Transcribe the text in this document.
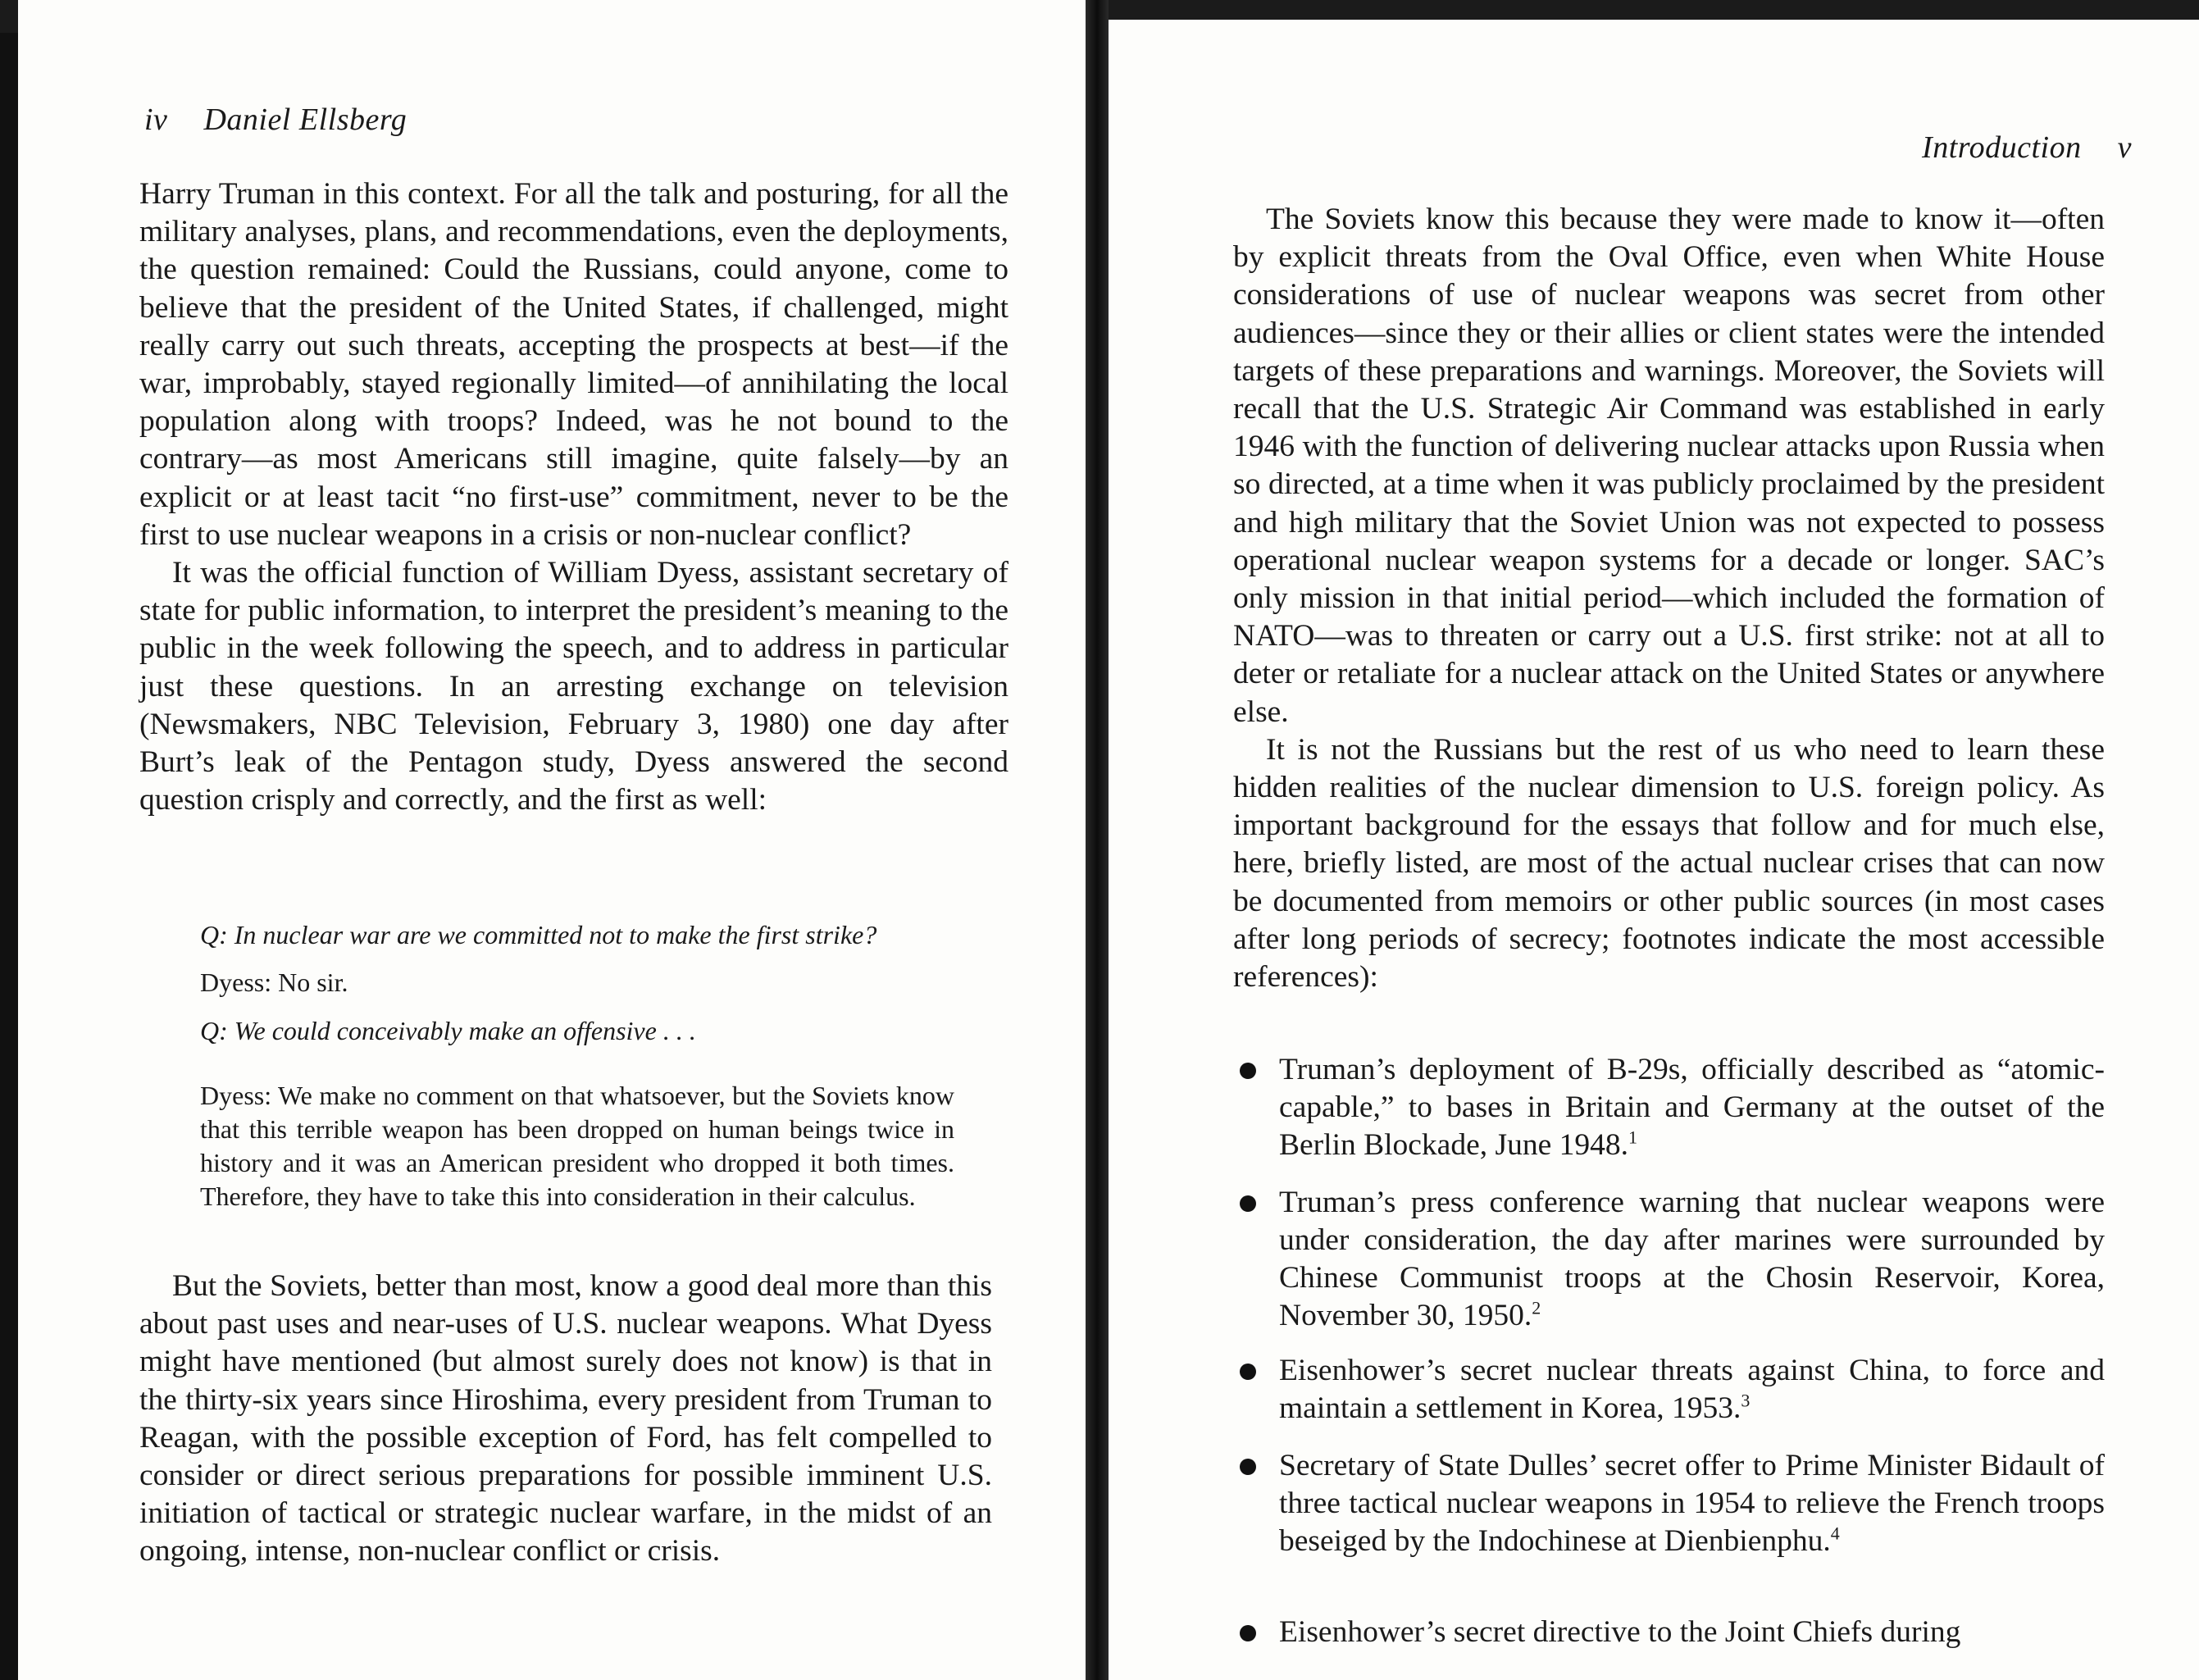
iv Daniel Ellsberg

Harry Truman in this context. For all the talk and posturing, for all the military analyses, plans, and recommendations, even the deployments, the question remained: Could the Russians, could anyone, come to believe that the president of the United States, if challenged, might really carry out such threats, accepting the prospects at best—if the war, improbably, stayed regionally limited—of annihilating the local population along with troops? Indeed, was he not bound to the contrary—as most Americans still imagine, quite falsely—by an explicit or at least tacit “no first-use” commitment, never to be the first to use nuclear weapons in a crisis or non-nuclear conflict?

It was the official function of William Dyess, assistant secretary of state for public information, to interpret the president’s meaning to the public in the week following the speech, and to address in particular just these questions. In an arresting exchange on television (Newsmakers, NBC Television, February 3, 1980) one day after Burt’s leak of the Pentagon study, Dyess answered the second question crisply and correctly, and the first as well:

Q: In nuclear war are we committed not to make the first strike?
Dyess: No sir.
Q: We could conceivably make an offensive . . .
Dyess: We make no comment on that whatsoever, but the Soviets know that this terrible weapon has been dropped on human beings twice in history and it was an American president who dropped it both times. Therefore, they have to take this into consideration in their calculus.

But the Soviets, better than most, know a good deal more than this about past uses and near-uses of U.S. nuclear weapons. What Dyess might have mentioned (but almost surely does not know) is that in the thirty-six years since Hiroshima, every president from Truman to Reagan, with the possible exception of Ford, has felt compelled to consider or direct serious preparations for possible imminent U.S. initiation of tactical or strategic nuclear warfare, in the midst of an ongoing, intense, non-nuclear conflict or crisis.

Introduction v

The Soviets know this because they were made to know it—often by explicit threats from the Oval Office, even when White House considerations of use of nuclear weapons was secret from other audiences—since they or their allies or client states were the intended targets of these preparations and warnings. Moreover, the Soviets will recall that the U.S. Strategic Air Command was established in early 1946 with the function of delivering nuclear attacks upon Russia when so directed, at a time when it was publicly proclaimed by the president and high military that the Soviet Union was not expected to possess operational nuclear weapon systems for a decade or longer. SAC’s only mission in that initial period—which included the formation of NATO—was to threaten or carry out a U.S. first strike: not at all to deter or retaliate for a nuclear attack on the United States or anywhere else.

It is not the Russians but the rest of us who need to learn these hidden realities of the nuclear dimension to U.S. foreign policy. As important background for the essays that follow and for much else, here, briefly listed, are most of the actual nuclear crises that can now be documented from memoirs or other public sources (in most cases after long periods of secrecy; footnotes indicate the most accessible references):

Truman’s deployment of B-29s, officially described as “atomic-capable,” to bases in Britain and Germany at the outset of the Berlin Blockade, June 1948.$^1$
Truman’s press conference warning that nuclear weapons were under consideration, the day after marines were surrounded by Chinese Communist troops at the Chosin Reservoir, Korea, November 30, 1950.$^2$
Eisenhower’s secret nuclear threats against China, to force and maintain a settlement in Korea, 1953.$^3$
Secretary of State Dulles’ secret offer to Prime Minister Bidault of three tactical nuclear weapons in 1954 to relieve the French troops beseiged by the Indochinese at Dienbienphu.$^4$
Eisenhower’s secret directive to the Joint Chiefs during
